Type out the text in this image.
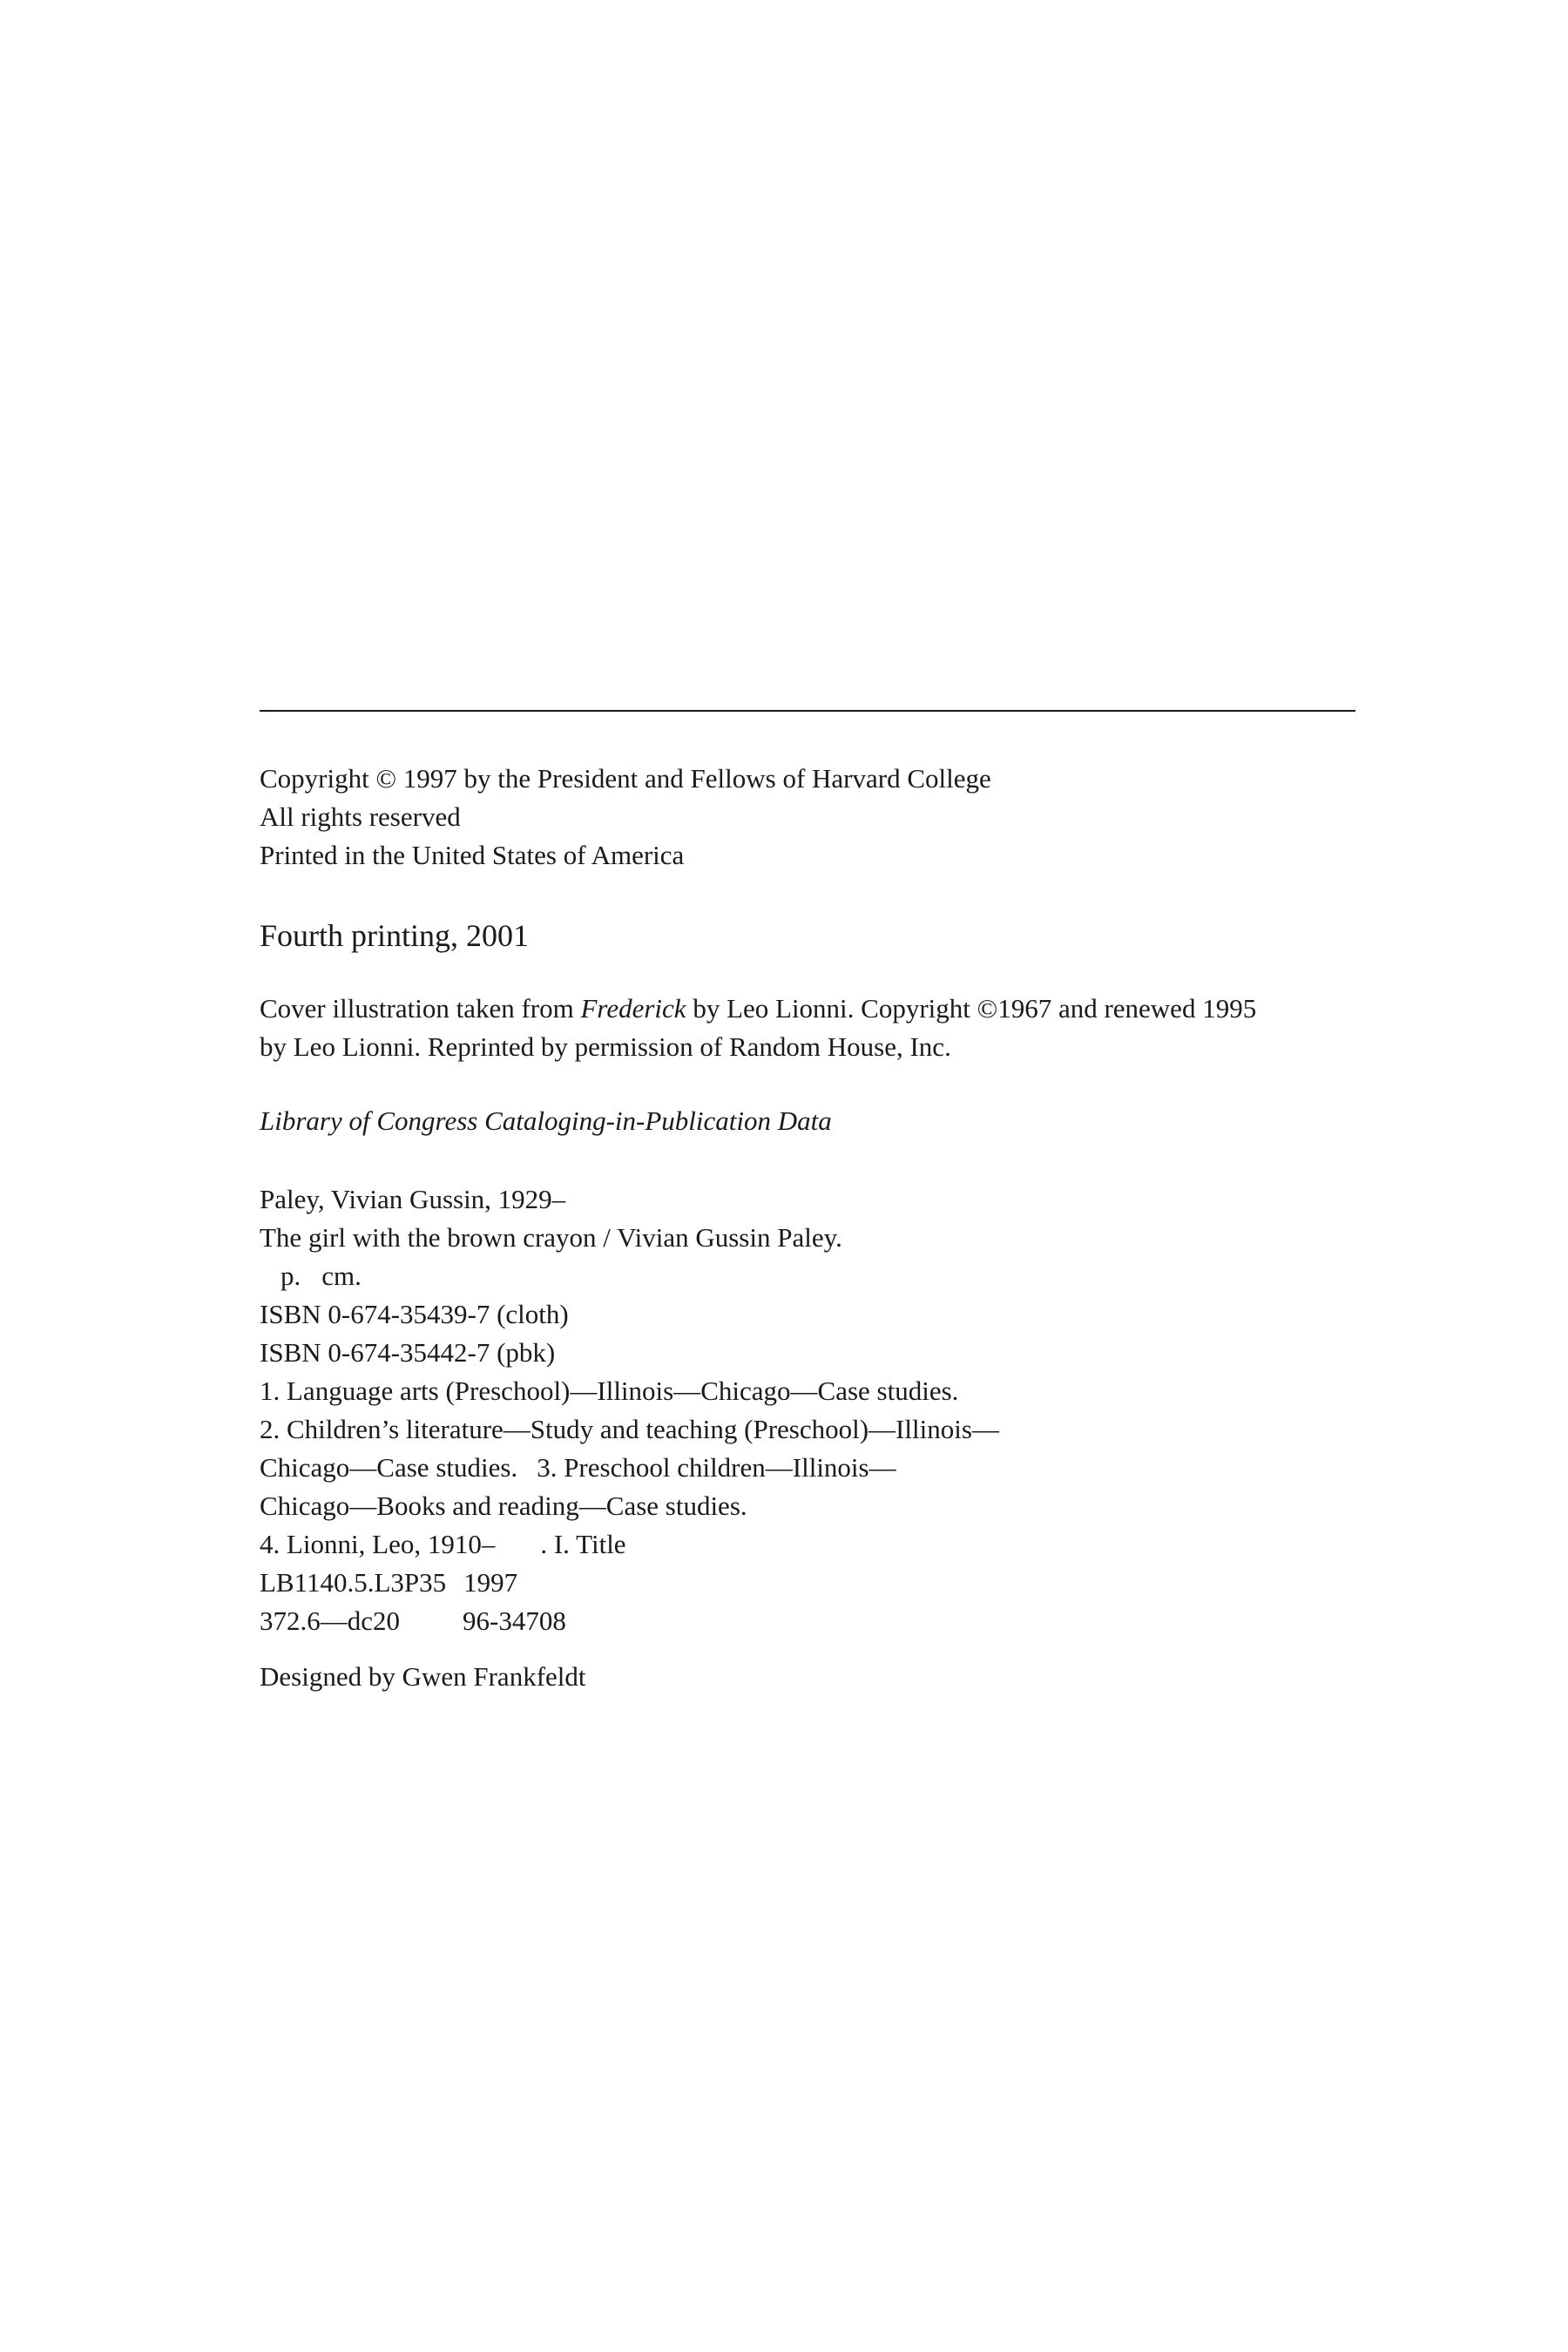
Copyright © 1997 by the President and Fellows of Harvard College

All rights reserved

Printed in the United States of America

Fourth printing, 2001

Cover illustration taken from Frederick by Leo Lionni. Copyright ©1967 and renewed 1995

by Leo Lionni. Reprinted by permission of Random House, Inc.

Library of Congress Cataloging-in-Publication Data

Paley, Vivian Gussin, 1929–

The girl with the brown crayon / Vivian Gussin Paley.

p. cm.

ISBN 0-674-35439-7 (cloth)

ISBN 0-674-35442-7 (pbk)

1. Language arts (Preschool)—Illinois—Chicago—Case studies.

2. Children’s literature—Study and teaching (Preschool)—Illinois—

Chicago—Case studies. 3. Preschool children—Illinois—

Chicago—Books and reading—Case studies.

4. Lionni, Leo, 1910– . I. Title

LB1140.5.L3P35 1997

372.6—dc20 96-34708

Designed by Gwen Frankfeldt
